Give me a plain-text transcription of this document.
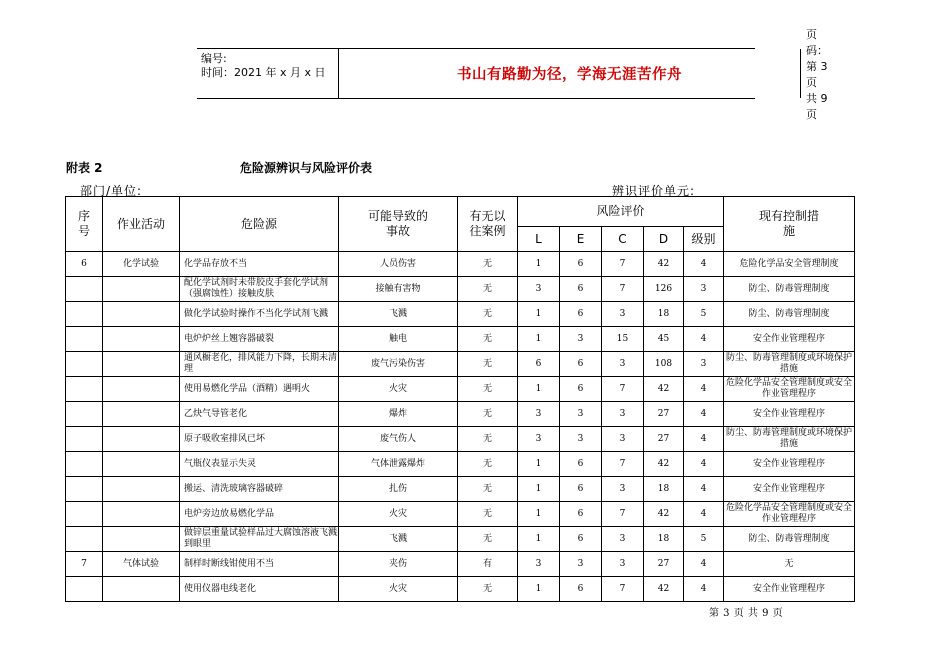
编号:
时间：2021 年 x 月 x 日	书山有路勤为径，学海无涯苦作舟
页码：第 3 页 共 9 页
附表 2	危险源辨识与风险评价表
部门/单位:	辨识评价单元:
序号	作业活动	危险源	可能导致的事故	有无以往案例	风险评价					现有控制措施
					L	E	C	D	级别	
6	化学试验	化学品存放不当	人员伤害	无	1	6	7	42	4	危险化学品安全管理制度
		配化学试剂时未带胶皮手套化学试剂（强腐蚀性）接触皮肤	接触有害物	无	3	6	7	126	3	防尘、防毒管理制度
		做化学试验时操作不当化学试剂飞溅	飞溅	无	1	6	3	18	5	防尘、防毒管理制度
		电炉炉丝上翘容器破裂	触电	无	1	3	15	45	4	安全作业管理程序
		通风橱老化，排风能力下降，长期未清理	废气污染伤害	无	6	6	3	108	3	防尘、防毒管理制度或环境保护措施
		使用易燃化学品（酒精）遇明火	火灾	无	1	6	7	42	4	危险化学品安全管理制度或安全作业管理程序
		乙炔气导管老化	爆炸	无	3	3	3	27	4	安全作业管理程序
		原子吸收室排风已坏	废气伤人	无	3	3	3	27	4	防尘、防毒管理制度或环境保护措施
		气瓶仪表显示失灵	气体泄露爆炸	无	1	6	7	42	4	安全作业管理程序
		搬运、清洗玻璃容器破碎	扎伤	无	1	6	3	18	4	安全作业管理程序
		电炉旁边放易燃化学品	火灾	无	1	6	7	42	4	危险化学品安全管理制度或安全作业管理程序
		做锌层重量试验样品过大腐蚀溶液飞溅到眼里	飞溅	无	1	6	3	18	5	防尘、防毒管理制度
7	气体试验	制样时断线钳使用不当	夹伤	有	3	3	3	27	4	无
		使用仪器电线老化	火灾	无	1	6	7	42	4	安全作业管理程序
第 3 页 共 9 页
